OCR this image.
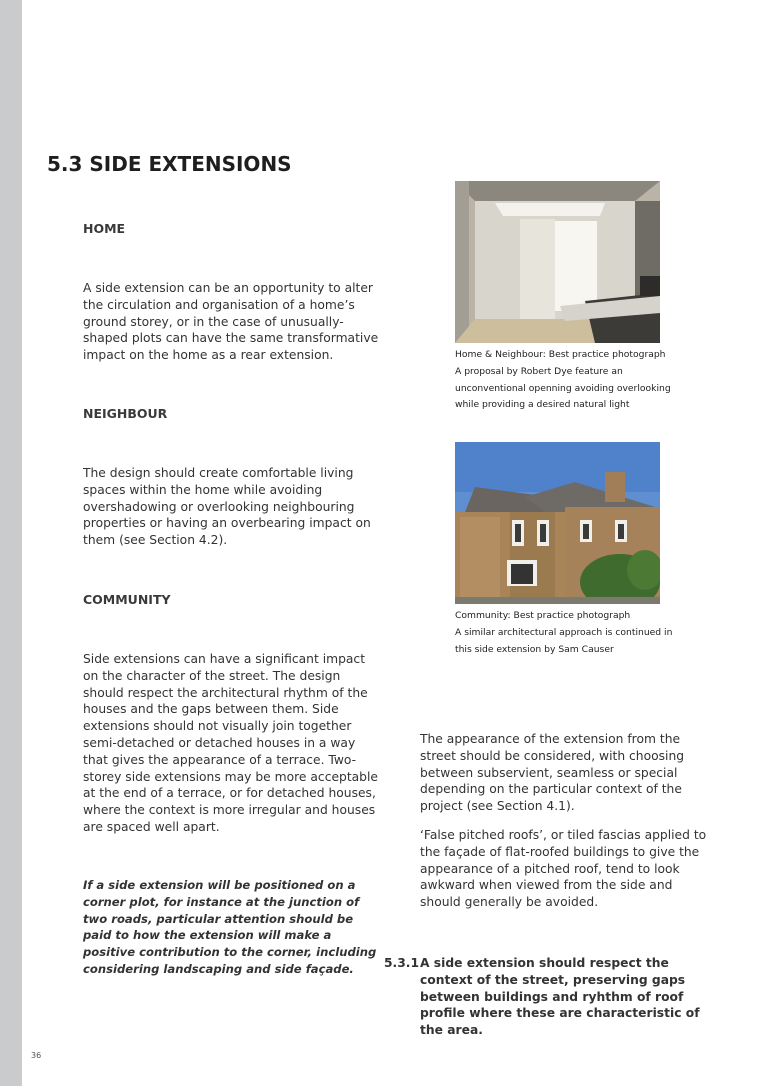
5.3 SIDE EXTENSIONS
HOME

A side extension can be an opportunity to alter the circulation and organisation of a home’s ground storey, or in the case of unusually-shaped plots can have the same transformative impact on the home as a rear extension.

NEIGHBOUR

The design should create comfortable living spaces within the home while avoiding overshadowing or overlooking neighbouring properties or having an overbearing impact on them (see Section 4.2).

COMMUNITY

Side extensions can have a significant impact on the character of the street. The design should respect the architectural rhythm of the houses and the gaps between them. Side extensions should not visually join together semi-detached or detached houses in a way that gives the appearance of a terrace. Two-storey side extensions may be more acceptable at the end of a terrace, or for detached houses, where the context is more irregular and houses are spaced well apart.

If a side extension will be positioned on a corner plot, for instance at the junction of two roads, particular attention should be paid to how the extension will make a positive contribution to the corner, including considering landscaping and side façade.

Home & Neighbour: Best practice photograph
A proposal by Robert Dye feature an
unconventional openning avoiding overlooking
while providing a desired natural light
Community: Best practice photograph
A similar architectural approach is continued in
this side extension by Sam Causer

The appearance of the extension from the street should be considered, with choosing between subservient, seamless or special depending on the particular context of the project (see Section 4.1).

‘False pitched roofs’, or tiled fascias applied to the façade of flat-roofed buildings to give the appearance of a pitched roof, tend to look awkward when viewed from the side and should generally be avoided.

5.3.1 A side extension should respect the context of the street, preserving gaps between buildings and ryhthm of roof profile where these are characteristic of the area.

36
